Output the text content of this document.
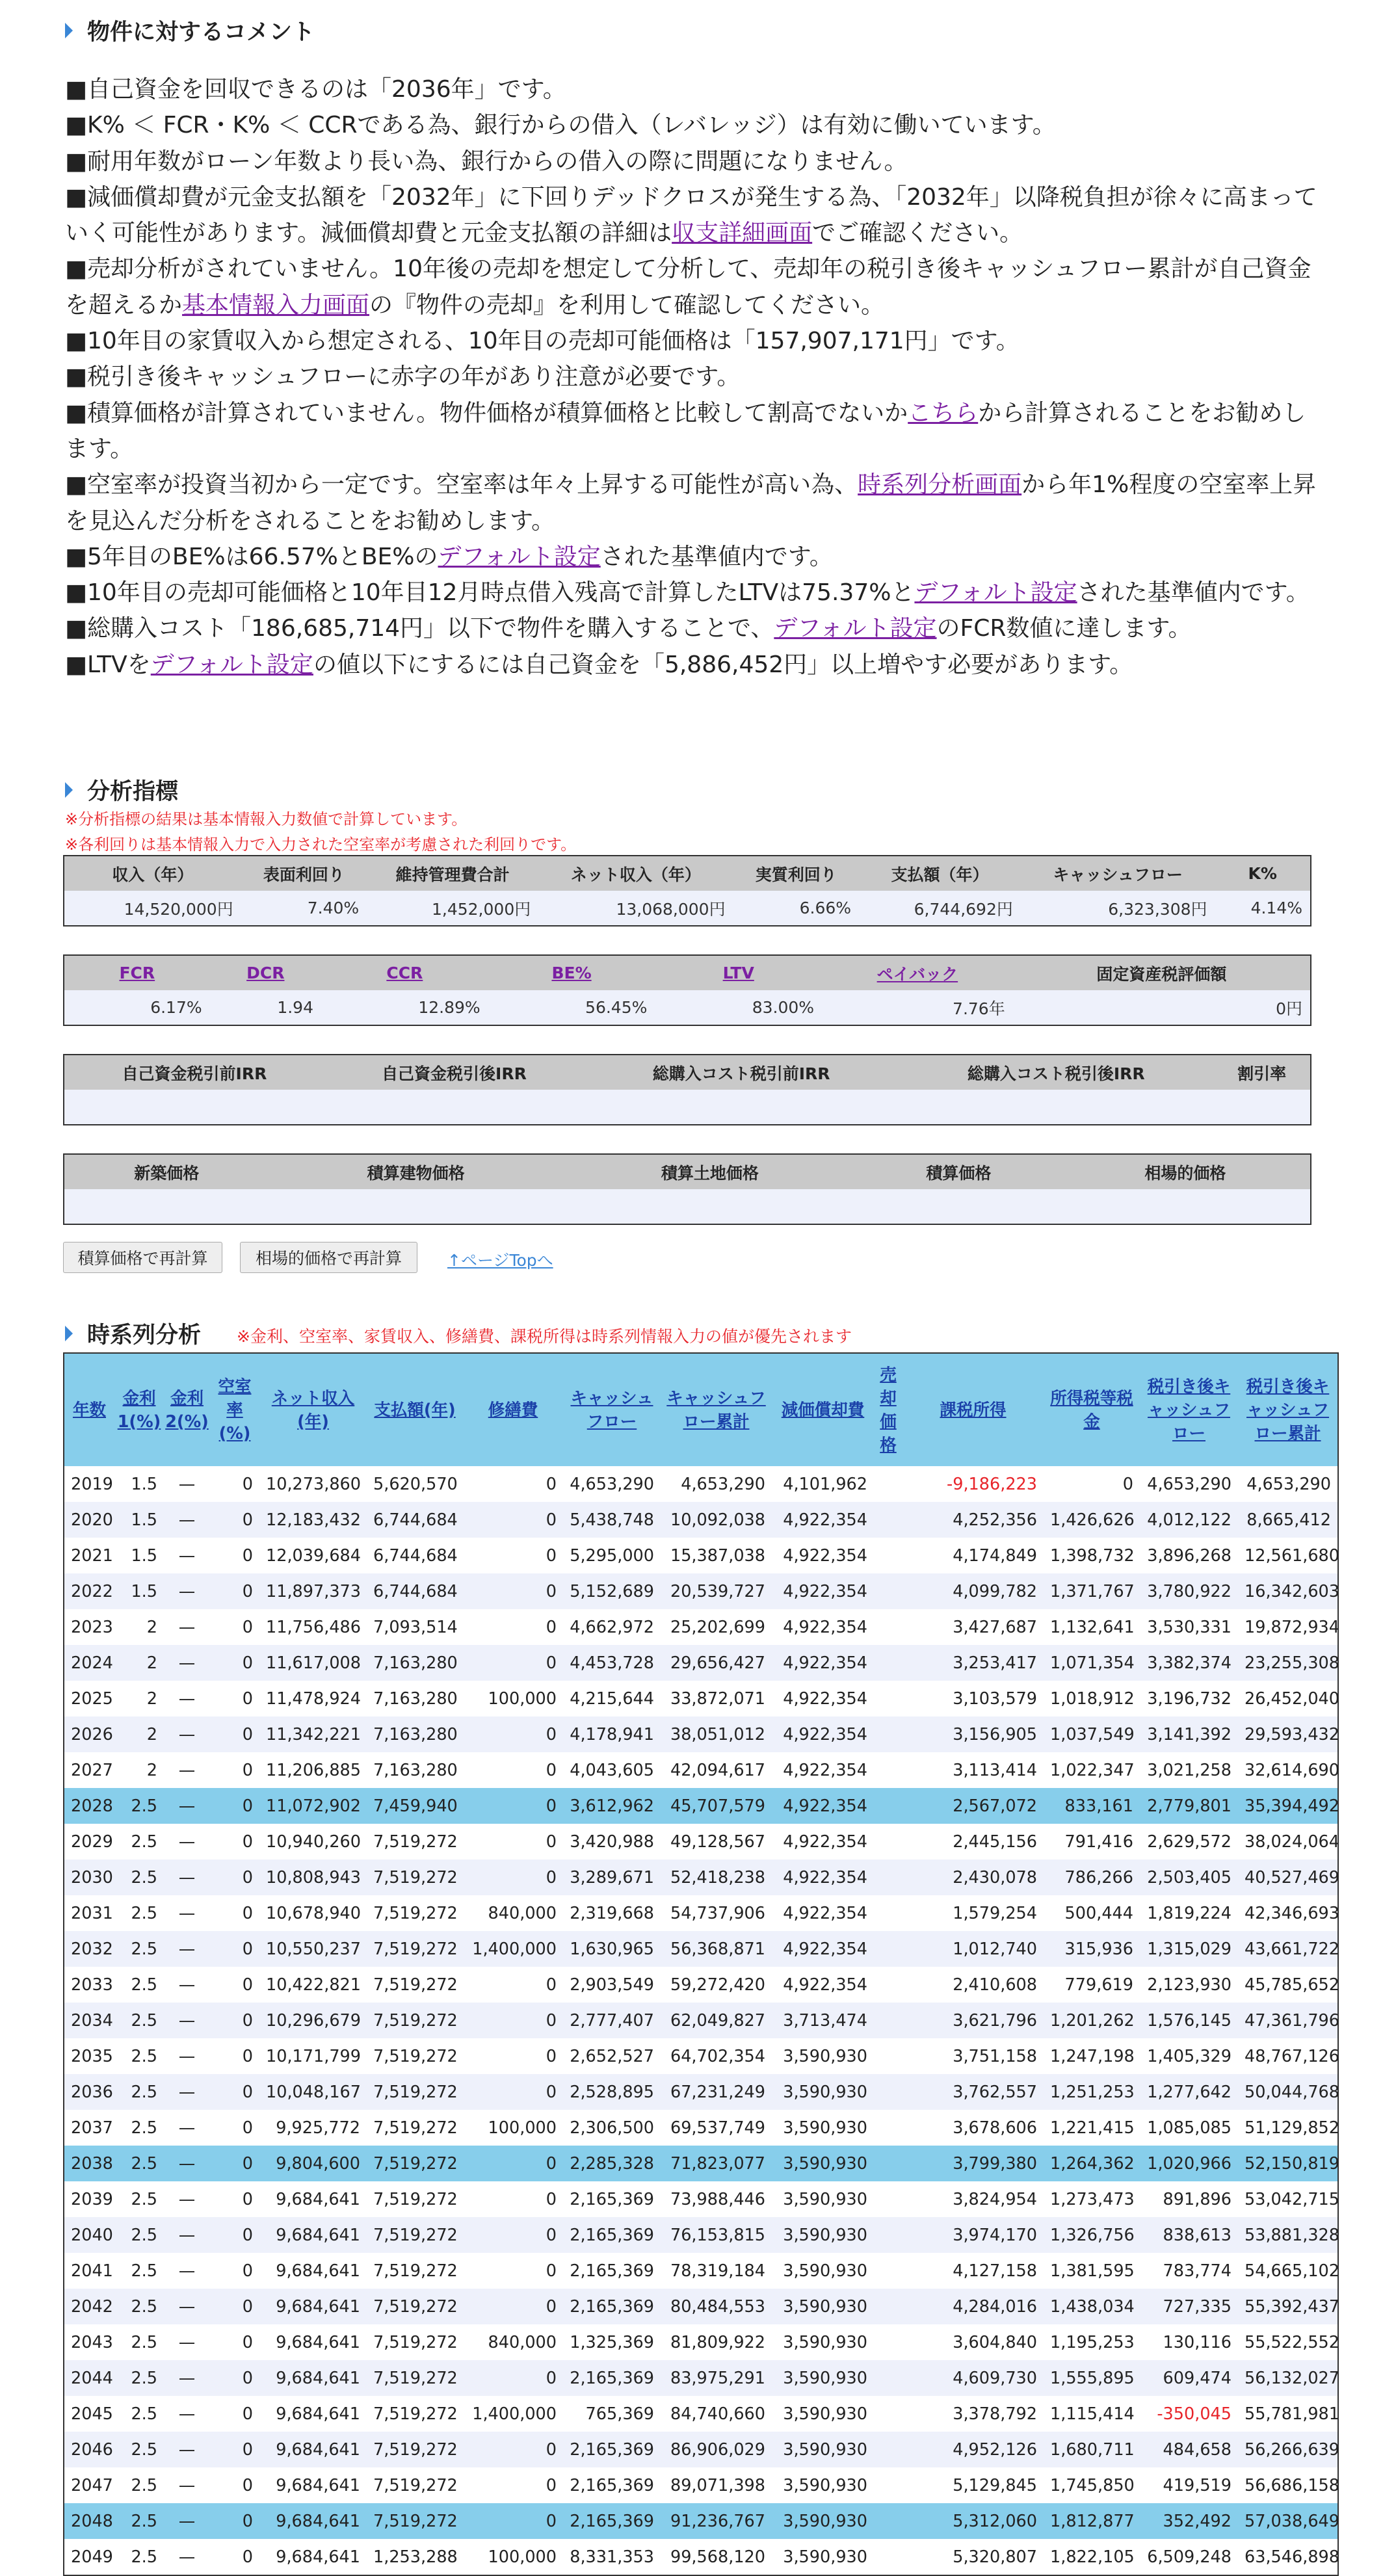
物件に対するコメント

■自己資金を回収できるのは「2036年」です。

■K% ＜ FCR・K% ＜ CCRである為、銀行からの借入（レバレッジ）は有効に働いています。

■耐用年数がローン年数より長い為、銀行からの借入の際に問題になりません。

■減価償却費が元金支払額を「2032年」に下回りデッドクロスが発生する為、「2032年」以降税負担が徐々に高まっていく可能性があります。減価償却費と元金支払額の詳細は収支詳細画面でご確認ください。

■売却分析がされていません。10年後の売却を想定して分析して、売却年の税引き後キャッシュフロー累計が自己資金を超えるか基本情報入力画面の『物件の売却』を利用して確認してください。

■10年目の家賃収入から想定される、10年目の売却可能価格は「157,907,171円」です。

■税引き後キャッシュフローに赤字の年があり注意が必要です。

■積算価格が計算されていません。物件価格が積算価格と比較して割高でないかこちらから計算されることをお勧めします。

■空室率が投資当初から一定です。空室率は年々上昇する可能性が高い為、時系列分析画面から年1%程度の空室率上昇を見込んだ分析をされることをお勧めします。

■5年目のBE%は66.57%とBE%のデフォルト設定された基準値内です。

■10年目の売却可能価格と10年目12月時点借入残高で計算したLTVは75.37%とデフォルト設定された基準値内です。

■総購入コスト「186,685,714円」以下で物件を購入することで、デフォルト設定のFCR数値に達します。

■LTVをデフォルト設定の値以下にするには自己資金を「5,886,452円」以上増やす必要があります。

分析指標
※分析指標の結果は基本情報入力数値で計算しています。
※各利回りは基本情報入力で入力された空室率が考慮された利回りです。
収入（年）	表面利回り	維持管理費合計	ネット収入（年）	実質利回り	支払額（年）	キャッシュフロー	K%
14,520,000円	7.40%	1,452,000円	13,068,000円	6.66%	6,744,692円	6,323,308円	4.14%
FCR	DCR	CCR	BE%	LTV	ペイバック	固定資産税評価額
6.17%	1.94	12.89%	56.45%	83.00%	7.76年	0円
自己資金税引前IRR	自己資金税引後IRR	総購入コスト税引前IRR	総購入コスト税引後IRR	割引率

新築価格	積算建物価格	積算土地価格	積算価格	相場的価格

積算価格で再計算	相場的価格で再計算	↑ページTopへ
時系列分析 ※金利、空室率、家賃収入、修繕費、課税所得は時系列情報入力の値が優先されます
年数	金利1(%)	金利2(%)	空室率(%)	ネット収入(年)	支払額(年)	修繕費	キャッシュフロー	キャッシュフロー累計	減価償却費	売却価格	課税所得	所得税等税金	税引き後キャッシュフロー	税引き後キャッシュフロー累計
2019	1.5	—	0	10,273,860	5,620,570	0	4,653,290	4,653,290	4,101,962		-9,186,223	0	4,653,290	4,653,290
2020	1.5	—	0	12,183,432	6,744,684	0	5,438,748	10,092,038	4,922,354		4,252,356	1,426,626	4,012,122	8,665,412
2021	1.5	—	0	12,039,684	6,744,684	0	5,295,000	15,387,038	4,922,354		4,174,849	1,398,732	3,896,268	12,561,680
2022	1.5	—	0	11,897,373	6,744,684	0	5,152,689	20,539,727	4,922,354		4,099,782	1,371,767	3,780,922	16,342,603
2023	2	—	0	11,756,486	7,093,514	0	4,662,972	25,202,699	4,922,354		3,427,687	1,132,641	3,530,331	19,872,934
2024	2	—	0	11,617,008	7,163,280	0	4,453,728	29,656,427	4,922,354		3,253,417	1,071,354	3,382,374	23,255,308
2025	2	—	0	11,478,924	7,163,280	100,000	4,215,644	33,872,071	4,922,354		3,103,579	1,018,912	3,196,732	26,452,040
2026	2	—	0	11,342,221	7,163,280	0	4,178,941	38,051,012	4,922,354		3,156,905	1,037,549	3,141,392	29,593,432
2027	2	—	0	11,206,885	7,163,280	0	4,043,605	42,094,617	4,922,354		3,113,414	1,022,347	3,021,258	32,614,690
2028	2.5	—	0	11,072,902	7,459,940	0	3,612,962	45,707,579	4,922,354		2,567,072	833,161	2,779,801	35,394,492
2029	2.5	—	0	10,940,260	7,519,272	0	3,420,988	49,128,567	4,922,354		2,445,156	791,416	2,629,572	38,024,064
2030	2.5	—	0	10,808,943	7,519,272	0	3,289,671	52,418,238	4,922,354		2,430,078	786,266	2,503,405	40,527,469
2031	2.5	—	0	10,678,940	7,519,272	840,000	2,319,668	54,737,906	4,922,354		1,579,254	500,444	1,819,224	42,346,693
2032	2.5	—	0	10,550,237	7,519,272	1,400,000	1,630,965	56,368,871	4,922,354		1,012,740	315,936	1,315,029	43,661,722
2033	2.5	—	0	10,422,821	7,519,272	0	2,903,549	59,272,420	4,922,354		2,410,608	779,619	2,123,930	45,785,652
2034	2.5	—	0	10,296,679	7,519,272	0	2,777,407	62,049,827	3,713,474		3,621,796	1,201,262	1,576,145	47,361,796
2035	2.5	—	0	10,171,799	7,519,272	0	2,652,527	64,702,354	3,590,930		3,751,158	1,247,198	1,405,329	48,767,126
2036	2.5	—	0	10,048,167	7,519,272	0	2,528,895	67,231,249	3,590,930		3,762,557	1,251,253	1,277,642	50,044,768
2037	2.5	—	0	9,925,772	7,519,272	100,000	2,306,500	69,537,749	3,590,930		3,678,606	1,221,415	1,085,085	51,129,852
2038	2.5	—	0	9,804,600	7,519,272	0	2,285,328	71,823,077	3,590,930		3,799,380	1,264,362	1,020,966	52,150,819
2039	2.5	—	0	9,684,641	7,519,272	0	2,165,369	73,988,446	3,590,930		3,824,954	1,273,473	891,896	53,042,715
2040	2.5	—	0	9,684,641	7,519,272	0	2,165,369	76,153,815	3,590,930		3,974,170	1,326,756	838,613	53,881,328
2041	2.5	—	0	9,684,641	7,519,272	0	2,165,369	78,319,184	3,590,930		4,127,158	1,381,595	783,774	54,665,102
2042	2.5	—	0	9,684,641	7,519,272	0	2,165,369	80,484,553	3,590,930		4,284,016	1,438,034	727,335	55,392,437
2043	2.5	—	0	9,684,641	7,519,272	840,000	1,325,369	81,809,922	3,590,930		3,604,840	1,195,253	130,116	55,522,552
2044	2.5	—	0	9,684,641	7,519,272	0	2,165,369	83,975,291	3,590,930		4,609,730	1,555,895	609,474	56,132,027
2045	2.5	—	0	9,684,641	7,519,272	1,400,000	765,369	84,740,660	3,590,930		3,378,792	1,115,414	-350,045	55,781,981
2046	2.5	—	0	9,684,641	7,519,272	0	2,165,369	86,906,029	3,590,930		4,952,126	1,680,711	484,658	56,266,639
2047	2.5	—	0	9,684,641	7,519,272	0	2,165,369	89,071,398	3,590,930		5,129,845	1,745,850	419,519	56,686,158
2048	2.5	—	0	9,684,641	7,519,272	0	2,165,369	91,236,767	3,590,930		5,312,060	1,812,877	352,492	57,038,649
2049	2.5	—	0	9,684,641	1,253,288	100,000	8,331,353	99,568,120	3,590,930		5,320,807	1,822,105	6,509,248	63,546,898
